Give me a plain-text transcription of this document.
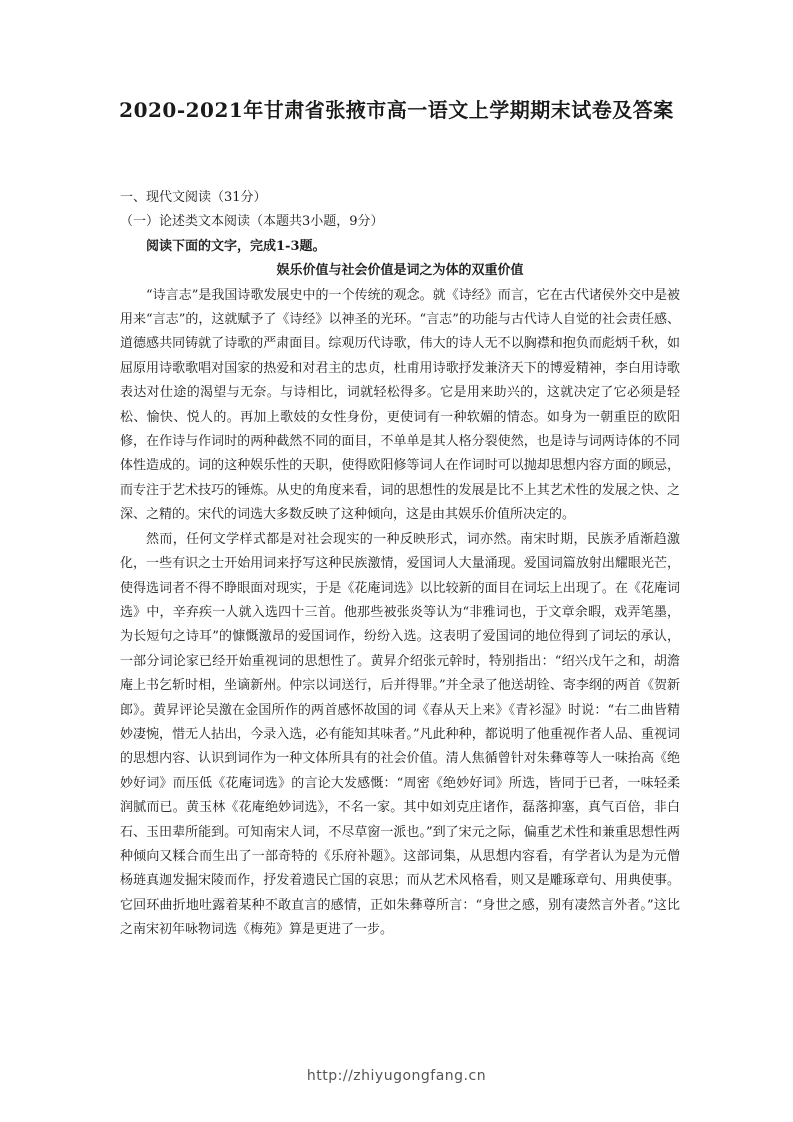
2020-2021年甘肃省张掖市高一语文上学期期末试卷及答案

一、现代文阅读（31分）

（一）论述类文本阅读（本题共3小题，9分）

阅读下面的文字，完成1-3题。

娱乐价值与社会价值是词之为体的双重价值

“诗言志”是我国诗歌发展史中的一个传统的观念。就《诗经》而言，它在古代诸侯外交中是被用来“言志”的，这就赋予了《诗经》以神圣的光环。“言志”的功能与古代诗人自觉的社会责任感、道德感共同铸就了诗歌的严肃面目。综观历代诗歌，伟大的诗人无不以胸襟和抱负而彪炳千秋，如屈原用诗歌歌唱对国家的热爱和对君主的忠贞，杜甫用诗歌抒发兼济天下的博爱精神，李白用诗歌表达对仕途的渴望与无奈。与诗相比，词就轻松得多。它是用来助兴的，这就决定了它必须是轻松、愉快、悦人的。再加上歌妓的女性身份，更使词有一种软媚的情态。如身为一朝重臣的欧阳修，在作诗与作词时的两种截然不同的面目，不单单是其人格分裂使然，也是诗与词两诗体的不同体性造成的。词的这种娱乐性的天职，使得欧阳修等词人在作词时可以抛却思想内容方面的顾忌，而专注于艺术技巧的锤炼。从史的角度来看，词的思想性的发展是比不上其艺术性的发展之快、之深、之精的。宋代的词选大多数反映了这种倾向，这是由其娱乐价值所决定的。

然而，任何文学样式都是对社会现实的一种反映形式，词亦然。南宋时期，民族矛盾渐趋激化，一些有识之士开始用词来抒写这种民族激情，爱国词人大量涌现。爱国词篇放射出耀眼光芒，使得选词者不得不睁眼面对现实，于是《花庵词选》以比较新的面目在词坛上出现了。在《花庵词选》中，辛弃疾一人就入选四十三首。他那些被张炎等认为“非雅词也，于文章余暇，戏弄笔墨，为长短句之诗耳”的慷慨激昂的爱国词作，纷纷入选。这表明了爱国词的地位得到了词坛的承认，一部分词论家已经开始重视词的思想性了。黄昇介绍张元幹时，特别指出：“绍兴戊午之和，胡澹庵上书乞斩时相，坐谪新州。仲宗以词送行，后并得罪。”并全录了他送胡铨、寄李纲的两首《贺新郎》。黄昇评论吴激在金国所作的两首感怀故国的词《春从天上来》《青衫湿》时说：“右二曲皆精妙凄惋，惜无人拈出，今录入选，必有能知其味者。”凡此种种，都说明了他重视作者人品、重视词的思想内容、认识到词作为一种文体所具有的社会价值。清人焦循曾针对朱彝尊等人一味抬高《绝妙好词》而压低《花庵词选》的言论大发感慨：“周密《绝妙好词》所选，皆同于已者，一味轻柔润腻而已。黄玉林《花庵绝妙词选》，不名一家。其中如刘克庄诸作，磊落抑塞，真气百倍，非白石、玉田辈所能到。可知南宋人词，不尽草窗一派也。”到了宋元之际，偏重艺术性和兼重思想性两种倾向又糅合而生出了一部奇特的《乐府补题》。这部词集，从思想内容看，有学者认为是为元僧杨琏真迦发掘宋陵而作，抒发着遗民亡国的哀思；而从艺术风格看，则又是雕琢章句、用典使事。它回环曲折地吐露着某种不敢直言的感情，正如朱彝尊所言：“身世之感，别有凄然言外者。”这比之南宋初年咏物词选《梅苑》算是更进了一步。

http://zhiyugongfang.cn
